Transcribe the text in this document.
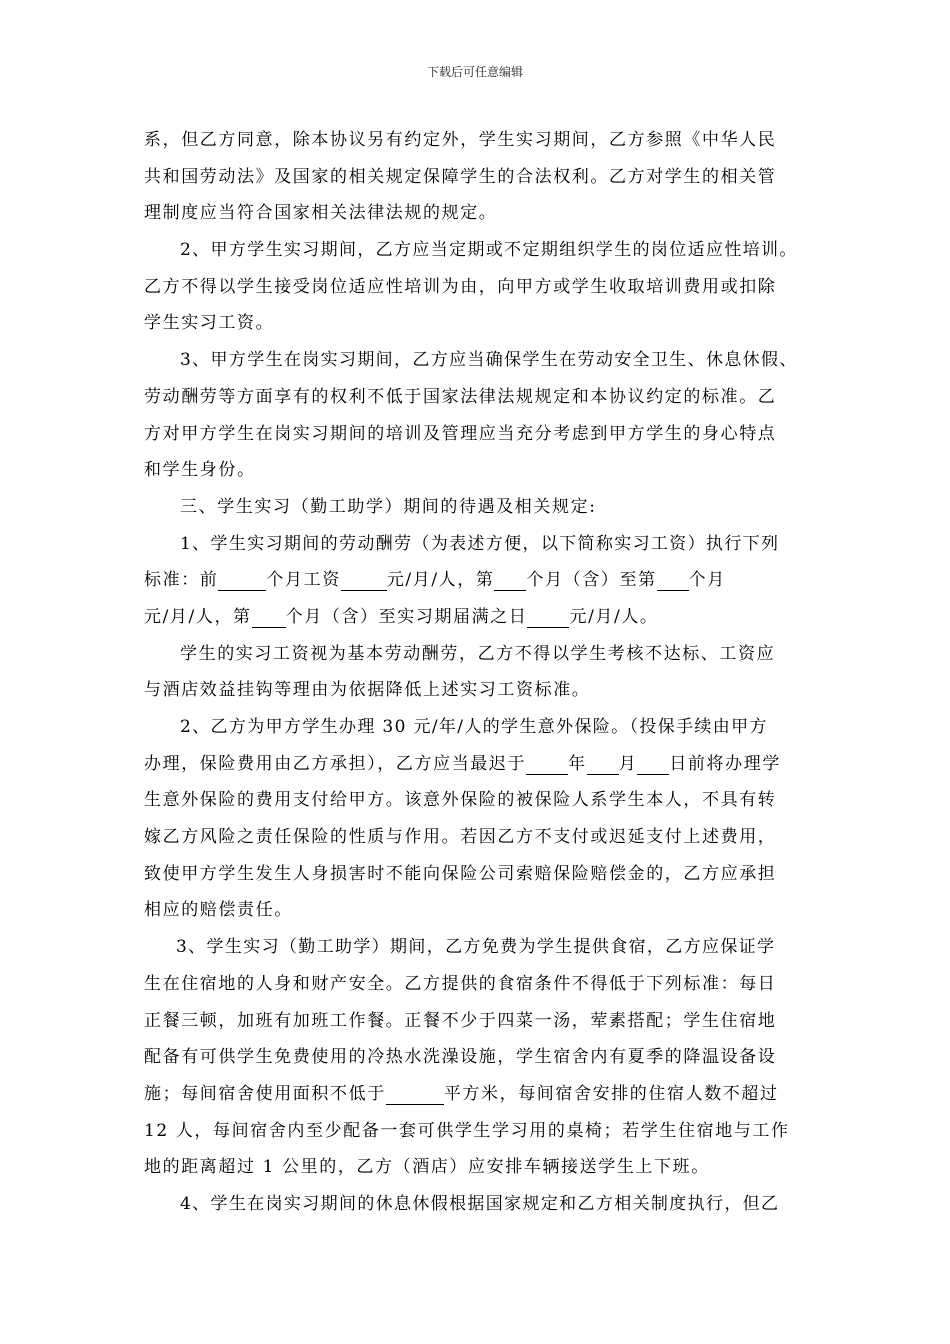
下载后可任意编辑
系，但乙方同意，除本协议另有约定外，学生实习期间，乙方参照《中华人民
共和国劳动法》及国家的相关规定保障学生的合法权利。乙方对学生的相关管
理制度应当符合国家相关法律法规的规定。
2、甲方学生实习期间，乙方应当定期或不定期组织学生的岗位适应性培训。
乙方不得以学生接受岗位适应性培训为由，向甲方或学生收取培训费用或扣除
学生实习工资。
3、甲方学生在岗实习期间，乙方应当确保学生在劳动安全卫生、休息休假、
劳动酬劳等方面享有的权利不低于国家法律法规规定和本协议约定的标准。乙
方对甲方学生在岗实习期间的培训及管理应当充分考虑到甲方学生的身心特点
和学生身份。
三、学生实习（勤工助学）期间的待遇及相关规定:
1、学生实习期间的劳动酬劳（为表述方便，以下简称实习工资）执行下列
标准：前	个月工资	元/月/人，第 个月（含）至第 个月
元/月/人，第 个月（含）至实习期届满之日 元/月/人。
学生的实习工资视为基本劳动酬劳，乙方不得以学生考核不达标、工资应
与酒店效益挂钩等理由为依据降低上述实习工资标准。
2、乙方为甲方学生办理 30 元/年/人的学生意外保险。（投保手续由甲方
办理，保险费用由乙方承担），乙方应当最迟于 年 月 日前将办理学
生意外保险的费用支付给甲方。该意外保险的被保险人系学生本人，不具有转
嫁乙方风险之责任保险的性质与作用。若因乙方不支付或迟延支付上述费用，
致使甲方学生发生人身损害时不能向保险公司索赔保险赔偿金的，乙方应承担
相应的赔偿责任。
3、学生实习（勤工助学）期间，乙方免费为学生提供食宿，乙方应保证学
生在住宿地的人身和财产安全。乙方提供的食宿条件不得低于下列标准：每日
正餐三顿，加班有加班工作餐。正餐不少于四菜一汤，荤素搭配；学生住宿地
配备有可供学生免费使用的冷热水洗澡设施，学生宿舍内有夏季的降温设备设
施；每间宿舍使用面积不低于	平方米，每间宿舍安排的住宿人数不超过
12 人，每间宿舍内至少配备一套可供学生学习用的桌椅；若学生住宿地与工作
地的距离超过 1 公里的，乙方（酒店）应安排车辆接送学生上下班。
4、学生在岗实习期间的休息休假根据国家规定和乙方相关制度执行，但乙
